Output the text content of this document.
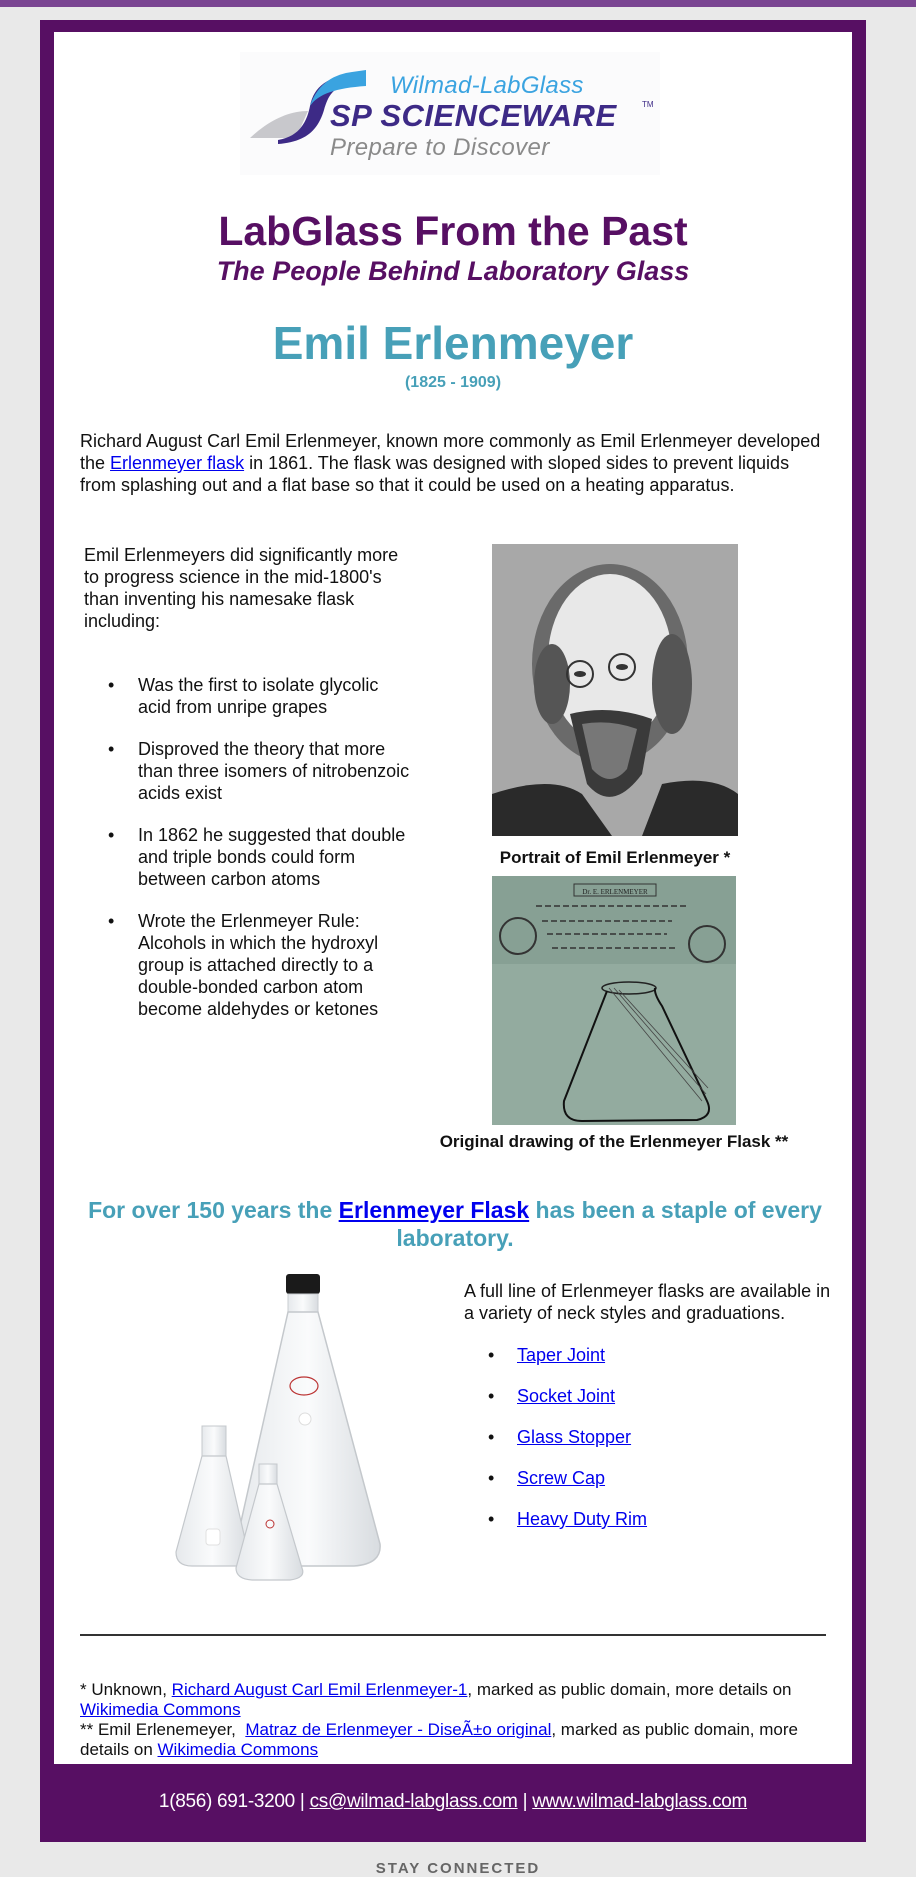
Wilmad-LabGlass
SP SCIENCEWARE	TM
Prepare to Discover
LabGlass From the Past
The People Behind Laboratory Glass
Emil Erlenmeyer
(1825 - 1909)

Richard August Carl Emil Erlenmeyer, known more commonly as Emil Erlenmeyer developed the Erlenmeyer flask in 1861. The flask was designed with sloped sides to prevent liquids from splashing out and a flat base so that it could be used on a heating apparatus.

Emil Erlenmeyers did significantly more to progress science in the mid-1800's than inventing his namesake flask including:

• Was the first to isolate glycolic acid from unripe grapes
• Disproved the theory that more than three isomers of nitrobenzoic acids exist
• In 1862 he suggested that double and triple bonds could form between carbon atoms
• Wrote the Erlenmeyer Rule: Alcohols in which the hydroxyl group is attached directly to a double-bonded carbon atom become aldehydes or ketones
Portrait of Emil Erlenmeyer *
Dr. E. ERLENMEYER
Original drawing of the Erlenmeyer Flask **
For over 150 years the Erlenmeyer Flask has been a staple of every laboratory.

A full line of Erlenmeyer flasks are available in a variety of neck styles and graduations.

• Taper Joint
• Socket Joint
• Glass Stopper
• Screw Cap
• Heavy Duty Rim
* Unknown, Richard August Carl Emil Erlenmeyer-1, marked as public domain, more details on Wikimedia Commons
** Emil Erlenemeyer,  Matraz de Erlenmeyer - DiseÃ±o original, marked as public domain, more details on Wikimedia Commons
1(856) 691-3200 | cs@wilmad-labglass.com | www.wilmad-labglass.com
STAY CONNECTED
